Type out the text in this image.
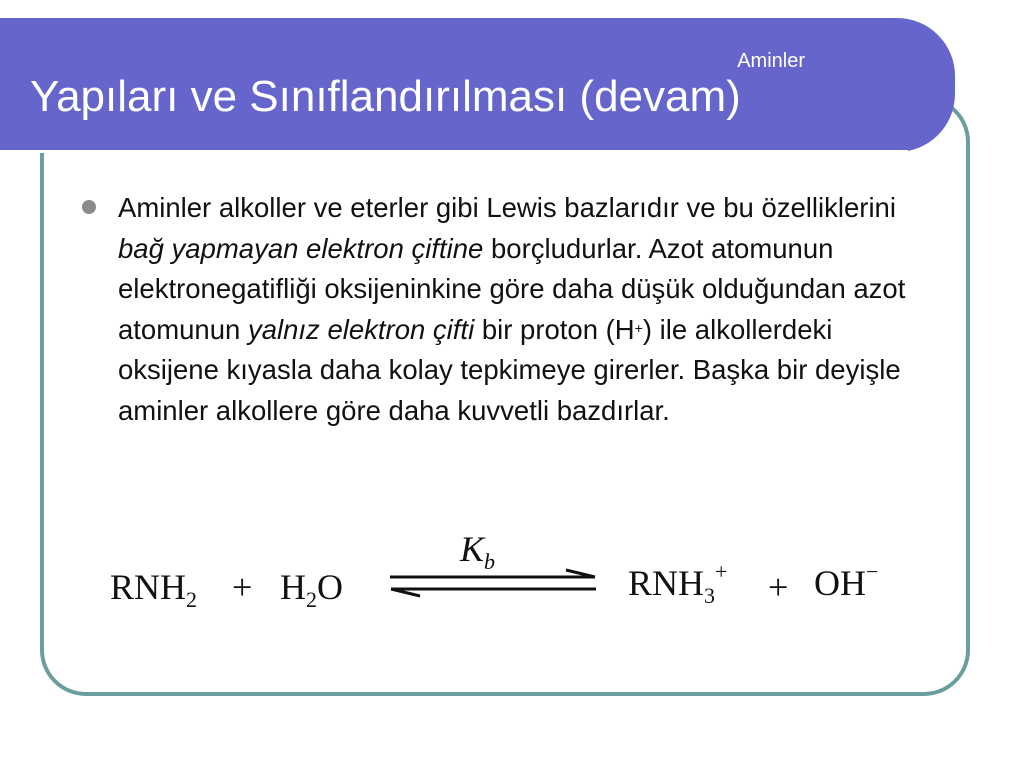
Aminler
Yapıları ve Sınıflandırılması (devam)
Aminler alkoller ve eterler gibi Lewis bazlarıdır ve bu özelliklerini bağ yapmayan elektron çiftine borçludurlar. Azot atomunun elektronegatifliği oksijeninkine göre daha düşük olduğundan azot atomunun yalnız elektron çifti bir proton (H+) ile alkollerdeki oksijene kıyasla daha kolay tepkimeye girerler. Başka bir deyişle aminler alkollere göre daha kuvvetli bazdırlar.
$RNH_2 + H_2O$
$K_b$
$RNH_3^+ + OH^-$
